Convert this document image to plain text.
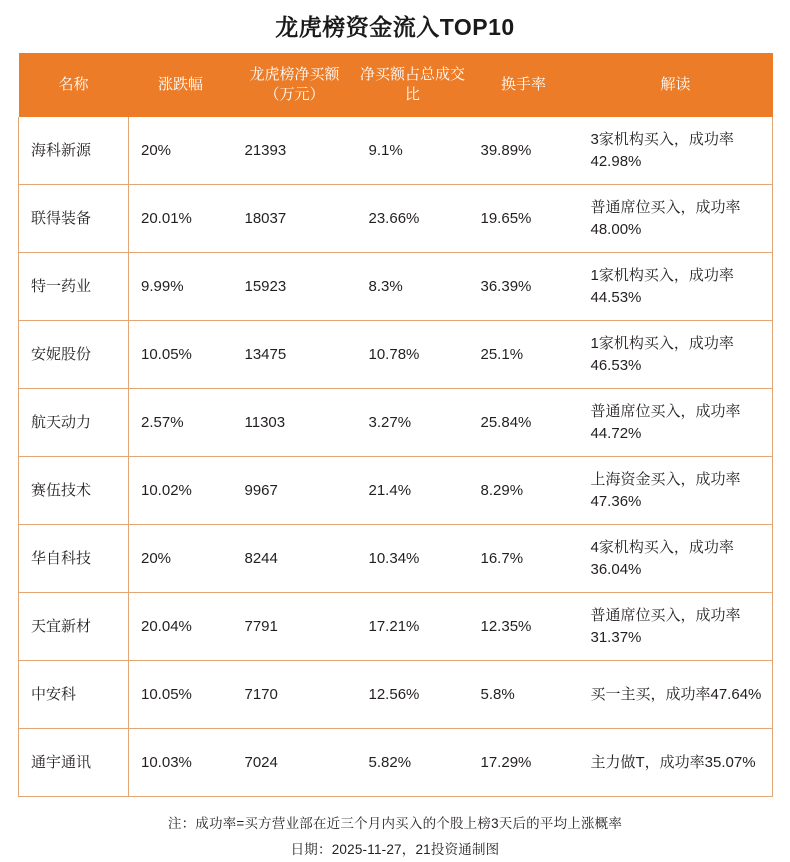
龙虎榜资金流入TOP10
名称	涨跌幅	龙虎榜净买额（万元）	净买额占总成交比	换手率	解读
海科新源	20%	21393	9.1%	39.89%	3家机构买入，成功率42.98%
联得装备	20.01%	18037	23.66%	19.65%	普通席位买入，成功率48.00%
特一药业	9.99%	15923	8.3%	36.39%	1家机构买入，成功率44.53%
安妮股份	10.05%	13475	10.78%	25.1%	1家机构买入，成功率46.53%
航天动力	2.57%	11303	3.27%	25.84%	普通席位买入，成功率44.72%
赛伍技术	10.02%	9967	21.4%	8.29%	上海资金买入，成功率47.36%
华自科技	20%	8244	10.34%	16.7%	4家机构买入，成功率36.04%
天宜新材	20.04%	7791	17.21%	12.35%	普通席位买入，成功率31.37%
中安科	10.05%	7170	12.56%	5.8%	买一主买，成功率47.64%
通宇通讯	10.03%	7024	5.82%	17.29%	主力做T，成功率35.07%
注：成功率=买方营业部在近三个月内买入的个股上榜3天后的平均上涨概率
日期：2025-11-27，21投资通制图
